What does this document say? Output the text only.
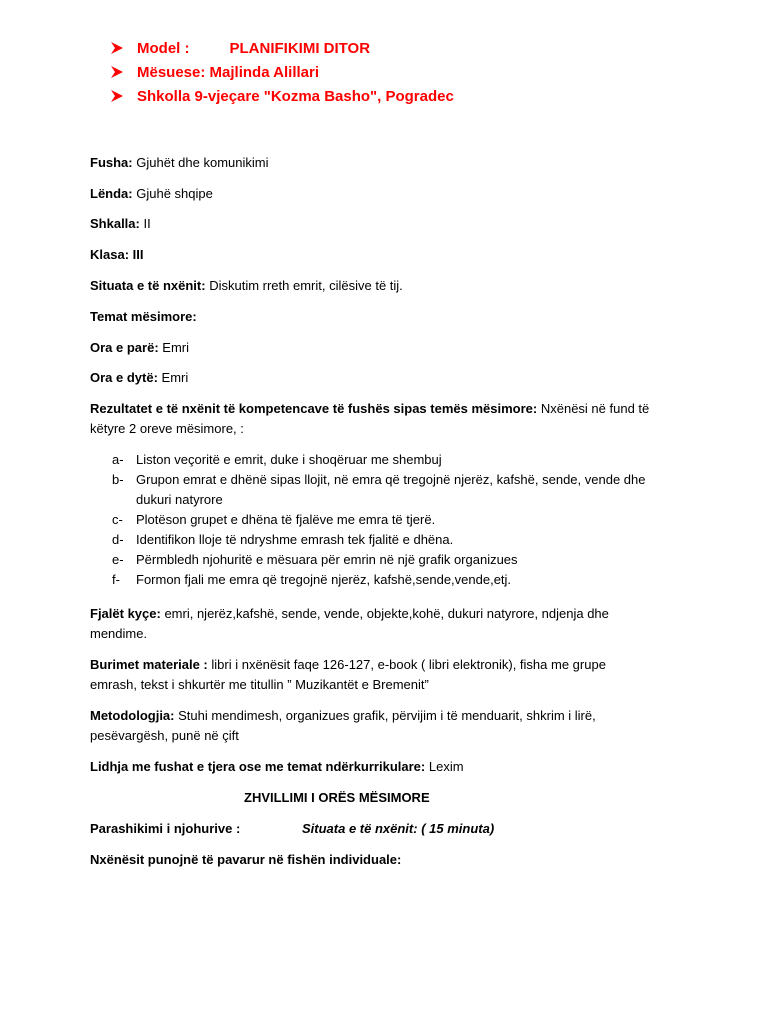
Model :	PLANIFIKIMI DITOR
Mësuese: Majlinda Alillari
Shkolla 9-vjeçare "Kozma Basho", Pogradec
Fusha: Gjuhët dhe komunikimi
Lënda: Gjuhë shqipe
Shkalla: II
Klasa: III
Situata e të nxënit: Diskutim rreth emrit, cilësive të tij.
Temat mësimore:
Ora e parë: Emri
Ora e dytë: Emri
Rezultatet e të nxënit të kompetencave të fushës sipas temës mësimore: Nxënësi në fund të
këtyre 2 oreve mësimore, :
a- Liston veçoritë e emrit, duke i shoqëruar me shembuj
b- Grupon emrat e dhënë sipas llojit, në emra që tregojnë njerëz, kafshë, sende, vende dhe dukuri natyrore
c-	Plotëson grupet e dhëna të fjalëve me emra të tjerë.
d- Identifikon lloje të ndryshme emrash tek fjalitë e dhëna.
e- Përmbledh njohuritë e mësuara për emrin në një grafik organizues
f-	Formon fjali me emra që tregojnë njerëz, kafshë,sende,vende,etj.
Fjalët kyçe: emri, njerëz,kafshë, sende, vende, objekte,kohë, dukuri natyrore, ndjenja dhe
mendime.
Burimet materiale : libri i nxënësit faqe 126-127, e-book ( libri elektronik), fisha me grupe
emrash, tekst i shkurtër me titullin ” Muzikantët e Bremenit”
Metodologjia: Stuhi mendimesh, organizues grafik, përvijim i të menduarit, shkrim i lirë,
pesëvargësh, punë në çift
Lidhja me fushat e tjera ose me temat ndërkurrikulare: Lexim
ZHVILLIMI I ORËS MËSIMORE
Parashikimi i njohurive :	Situata e të nxënit: ( 15 minuta)
Nxënësit punojnë të pavarur në fishën individuale:
